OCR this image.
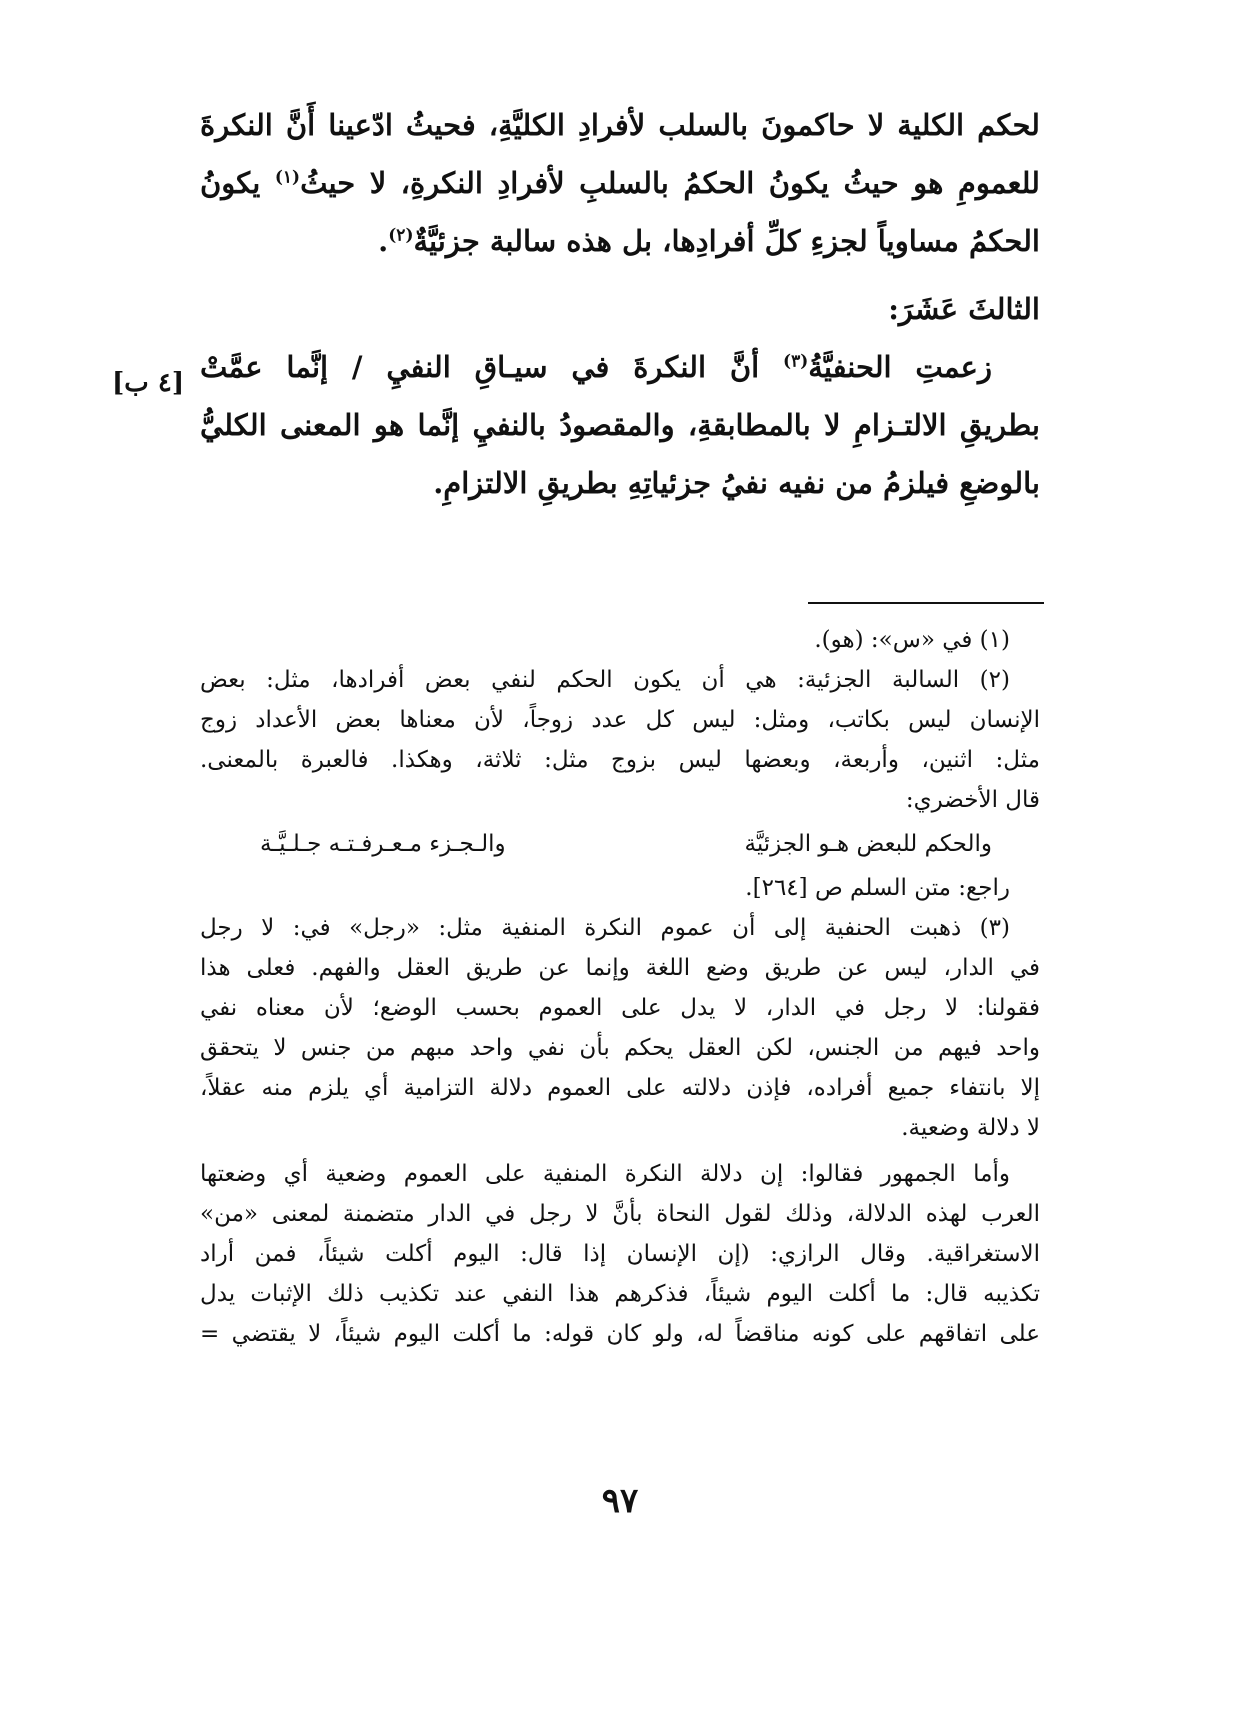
لحكم الكلية لا حاكمونَ بالسلب لأفرادِ الكليَّةِ، فحيثُ ادّعينا أَنَّ النكرةَ
للعمومِ هو حيثُ يكونُ الحكمُ بالسلبِ لأفرادِ النكرةِ، لا حيثُ$^{(١)}$ يكونُ
الحكمُ مساوياً لجزءِ كلِّ أفرادِها، بل هذه سالبة جزئيَّةٌ$^{(٢)}$.

الثالثَ عَشَرَ:

زعمتِ الحنفيَّةُ$^{(٣)}$ أنَّ النكرةَ في سيـاقِ النفيِ / إنَّما عمَّتْ
بطريقِ الالتـزامِ لا بالمطابقةِ، والمقصودُ بالنفيِ إنَّما هو المعنى الكليُّ
بالوضعِ فيلزمُ من نفيه نفيُ جزئياتِهِ بطريقِ الالتزامِ.

[٤ ب]

(١) في «س»: (هو).

(٢) السالبة الجزئية: هي أن يكون الحكم لنفي بعض أفرادها، مثل: بعض
الإنسان ليس بكاتب، ومثل: ليس كل عدد زوجاً، لأن معناها بعض الأعداد زوج
مثل: اثنين، وأربعة، وبعضها ليس بزوج مثل: ثلاثة، وهكذا. فالعبرة بالمعنى.
قال الأخضري:
والحكم للبعض هـو الجزئيَّة
والـجـزء مـعـرفـتـه جـلـيَّـة
راجع: متن السلم ص [٢٦٤].
(٣) ذهبت الحنفية إلى أن عموم النكرة المنفية مثل: «رجل» في: لا رجل
في الدار، ليس عن طريق وضع اللغة وإنما عن طريق العقل والفهم. فعلى هذا
فقولنا: لا رجل في الدار، لا يدل على العموم بحسب الوضع؛ لأن معناه نفي
واحد فيهم من الجنس، لكن العقل يحكم بأن نفي واحد مبهم من جنس لا يتحقق
إلا بانتفاء جميع أفراده، فإذن دلالته على العموم دلالة التزامية أي يلزم منه عقلاً،
لا دلالة وضعية.
وأما الجمهور فقالوا: إن دلالة النكرة المنفية على العموم وضعية أي وضعتها
العرب لهذه الدلالة، وذلك لقول النحاة بأنَّ لا رجل في الدار متضمنة لمعنى «من»
الاستغراقية. وقال الرازي: (إن الإنسان إذا قال: اليوم أكلت شيئاً، فمن أراد
تكذيبه قال: ما أكلت اليوم شيئاً، فذكرهم هذا النفي عند تكذيب ذلك الإثبات يدل
على اتفاقهم على كونه مناقضاً له، ولو كان قوله: ما أكلت اليوم شيئاً، لا يقتضي =
٩٧
